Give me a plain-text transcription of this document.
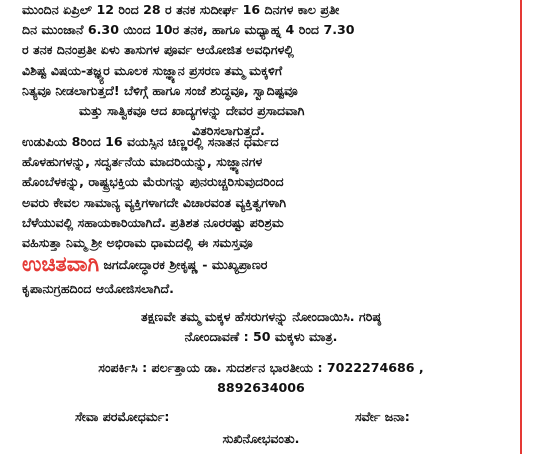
ಮುಂದಿನ ಏಪ್ರಿಲ್ 12 ರಿಂದ 28 ರ ತನಕ ಸುದೀರ್ಘ 16 ದಿನಗಳ ಕಾಲ ಪ್ರತೀ
ದಿನ ಮುಂಜಾನೆ 6.30 ಯಿಂದ 10ರ ತನಕ, ಹಾಗೂ ಮಧ್ಯಾಹ್ನ 4 ರಿಂದ 7.30
ರ ತನಕ ದಿನಂಪ್ರತೀ ಏಳು ತಾಸುಗಳ ಪೂರ್ವ ಆಯೋಜಿತ ಅವಧಿಗಳಲ್ಲಿ
ವಿಶಿಷ್ಟ ವಿಷಯ-ತಜ್ಞ್ಯರ ಮೂಲಕ ಸುಜ್ಞ್ಯಾನ ಪ್ರಸರಣ ತಮ್ಮ ಮಕ್ಕಳಿಗೆ
ನಿತ್ಯವೂ ನೀಡಲಾಗುತ್ತದೆ! ಬೆಳಿಗ್ಗೆ ಹಾಗೂ ಸಂಜೆ ಶುದ್ಧವೂ, ಸ್ವಾದಿಷ್ಟವೂ
ಮತ್ತು ಸಾತ್ವಿಕವೂ ಆದ ಖಾದ್ಯಗಳನ್ನು ದೇವರ ಪ್ರಸಾದವಾಗಿ
ವಿತರಿಸಲಾಗುತ್ತದೆ.
ಉಡುಪಿಯ 8ರಿಂದ 16 ವಯಸ್ಸಿನ ಚಿಣ್ಣರಲ್ಲಿ ಸನಾತನ ಧರ್ಮದ
ಹೊಳಹುಗಳನ್ನು, ಸದ್ವರ್ತನೆಯ ಮಾದರಿಯನ್ನು, ಸುಜ್ಞ್ಯಾನಗಳ
ಹೊಂಬೆಳಕನ್ನು, ರಾಷ್ಟ್ರಭಕ್ತಿಯ ಮೆರುಗನ್ನು ಪುನರುಚ್ಚರಿಸುವುದರಿಂದ
ಅವರು ಕೇವಲ ಸಾಮಾನ್ಯ ವ್ಯಕ್ತಿಗಳಾಗದೇ ವಿಚಾರವಂತ ವ್ಯಕ್ತಿತ್ವಗಳಾಗಿ
ಬೆಳೆಯುವಲ್ಲಿ ಸಹಾಯಕಾರಿಯಾಗಿದೆ. ಪ್ರತಿಶತ ನೂರರಷ್ಟು ಪರಿಶ್ರಮ
ವಹಿಸುತ್ತಾ ನಿಮ್ಮ ಶ್ರೀ ಅಭಿರಾಮ ಧಾಮದಲ್ಲಿ ಈ ಸಮಸ್ತವೂ
ಉಚಿತವಾಗಿ ಜಗದೋದ್ಧಾರಕ ಶ್ರೀಕೃಷ್ಣ - ಮುಖ್ಯಪ್ರಾಣರ
ಕೃಪಾನುಗ್ರಹದಿಂದ ಆಯೋಜಿಸಲಾಗಿದೆ.
ತಕ್ಷಣವೇ ತಮ್ಮ ಮಕ್ಕಳ ಹೆಸರುಗಳನ್ನು ನೋಂದಾಯಿಸಿ. ಗರಿಷ್ಠ
ನೋಂದಾವಣೆ : 50 ಮಕ್ಕಳು ಮಾತ್ರ.
ಸಂಪರ್ಕಿಸಿ : ಪರ್ಲತ್ತಾಯ ಡಾ. ಸುದರ್ಶನ ಭಾರತೀಯ : 7022274686 ,
8892634006
ಸೇವಾ ಪರಮೋಧರ್ಮ:	ಸರ್ವೇ ಜನಾ:
ಸುಖಿನೋಭವಂತು.
